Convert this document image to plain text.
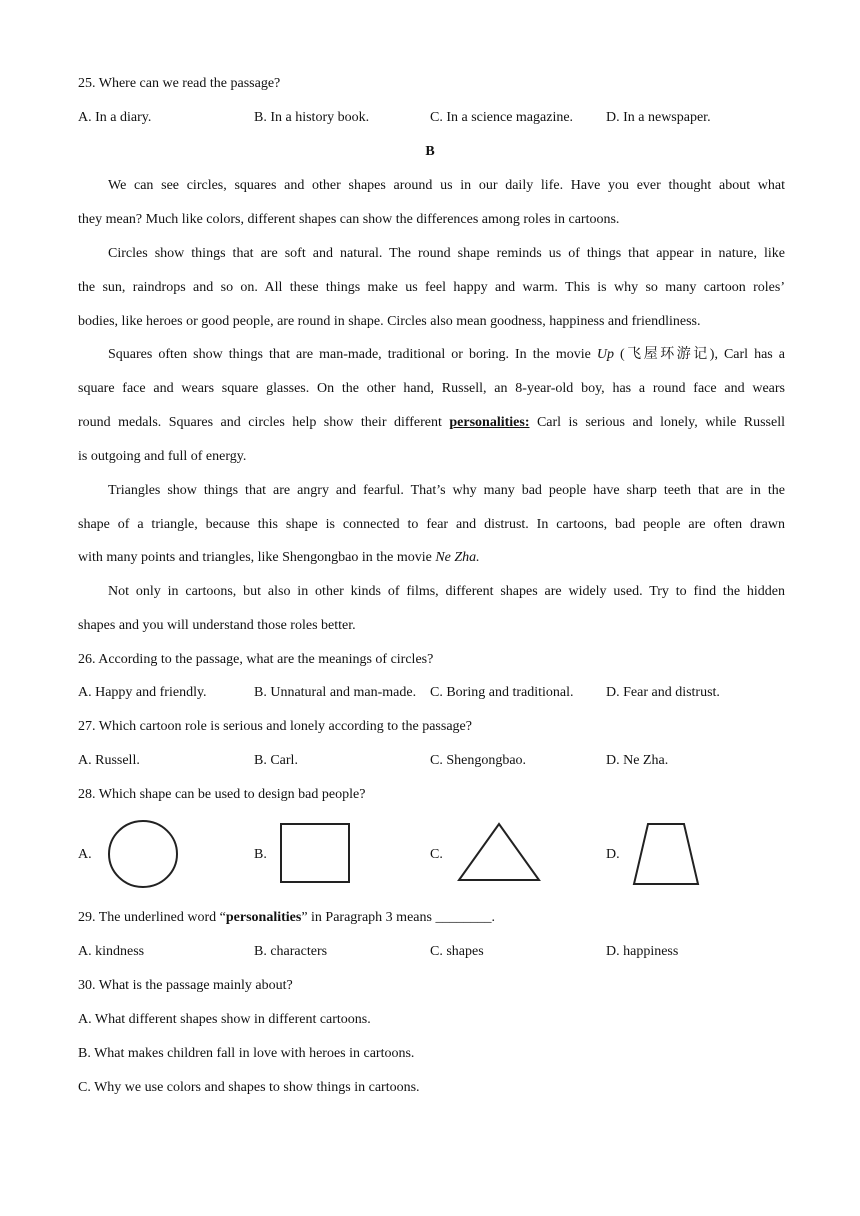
25. Where can we read the passage?
A. In a diary.	B. In a history book.	C. In a science magazine. D. In a newspaper.
B
We can see circles, squares and other shapes around us in our daily life. Have you ever thought about what
they mean? Much like colors, different shapes can show the differences among roles in cartoons.
Circles show things that are soft and natural. The round shape reminds us of things that appear in nature, like
the sun, raindrops and so on. All these things make us feel happy and warm. This is why so many cartoon roles’
bodies, like heroes or good people, are round in shape. Circles also mean goodness, happiness and friendliness.
Squares often show things that are man-made, traditional or boring. In the movie Up (飞屋环游记), Carl has a
square face and wears square glasses. On the other hand, Russell, an 8-year-old boy, has a round face and wears
round medals. Squares and circles help show their different personalities: Carl is serious and lonely, while Russell
is outgoing and full of energy.
Triangles show things that are angry and fearful. That’s why many bad people have sharp teeth that are in the
shape of a triangle, because this shape is connected to fear and distrust. In cartoons, bad people are often drawn
with many points and triangles, like Shengongbao in the movie Ne Zha.
Not only in cartoons, but also in other kinds of films, different shapes are widely used. Try to find the hidden
shapes and you will understand those roles better.
26. According to the passage, what are the meanings of circles?
A. Happy and friendly.	B. Unnatural and man-made. C. Boring and traditional. D. Fear and distrust.
27. Which cartoon role is serious and lonely according to the passage?
A. Russell.	B. Carl.	C. Shengongbao.	D. Ne Zha.
28. Which shape can be used to design bad people?
A.	B.	C.	D.
29. The underlined word “personalities” in Paragraph 3 means ________.
A. kindness	B. characters	C. shapes	D. happiness
30. What is the passage mainly about?
A. What different shapes show in different cartoons.
B. What makes children fall in love with heroes in cartoons.
C. Why we use colors and shapes to show things in cartoons.
